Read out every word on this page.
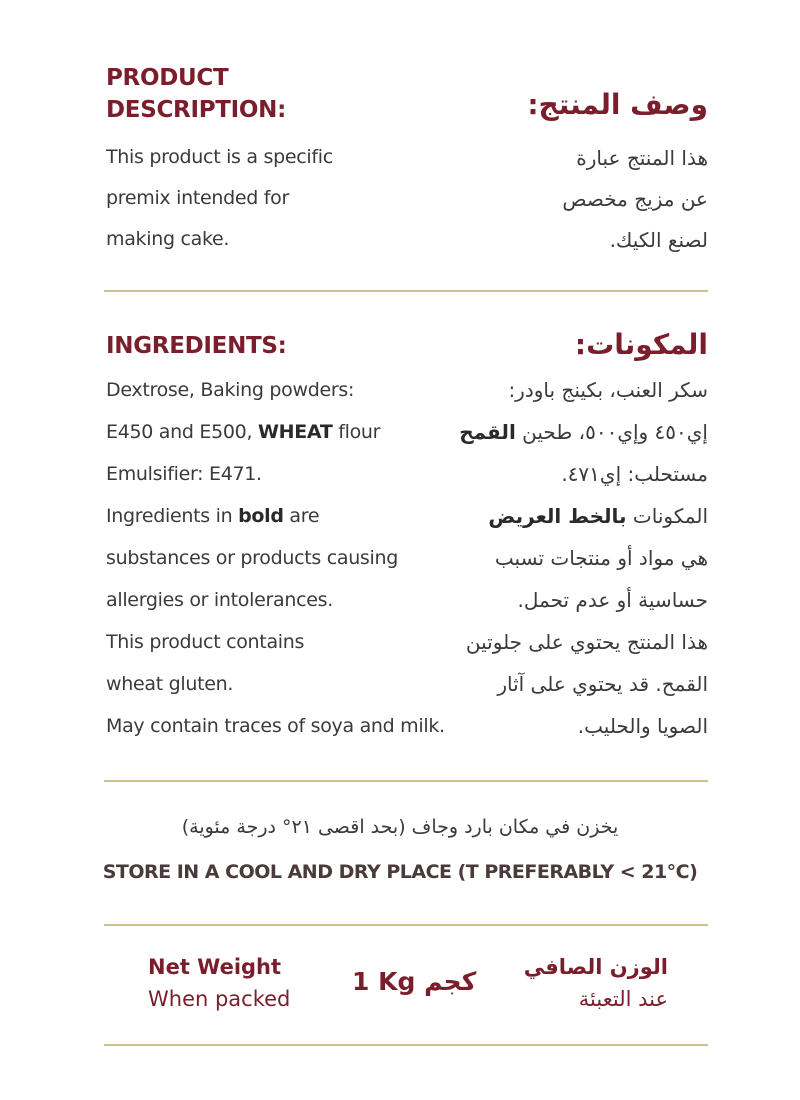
PRODUCT
DESCRIPTION:	وصف المنتج:
This product is a specific
premix intended for
making cake.
هذا المنتج عبارة
عن مزيج مخصص
لصنع الكيك.
INGREDIENTS:	المكونات:
Dextrose, Baking powders:
E450 and E500, WHEAT flour
Emulsifier: E471.
Ingredients in bold are
substances or products causing
allergies or intolerances.
This product contains
wheat gluten.
May contain traces of soya and milk.
سكر العنب، بكينج باودر:
إي٤٥٠ وإي٥٠٠، طحين القمح
مستحلب: إي٤٧١.
المكونات بالخط العريض
هي مواد أو منتجات تسبب
حساسية أو عدم تحمل.
هذا المنتج يحتوي على جلوتين
القمح. قد يحتوي على آثار
الصويا والحليب.
يخزن في مكان بارد وجاف (بحد اقصى ٢١° درجة مئوية)
STORE IN A COOL AND DRY PLACE (T PREFERABLY < 21°C)
Net Weight
When packed
1 Kg كجم الوزن الصافي
عند التعبئة
